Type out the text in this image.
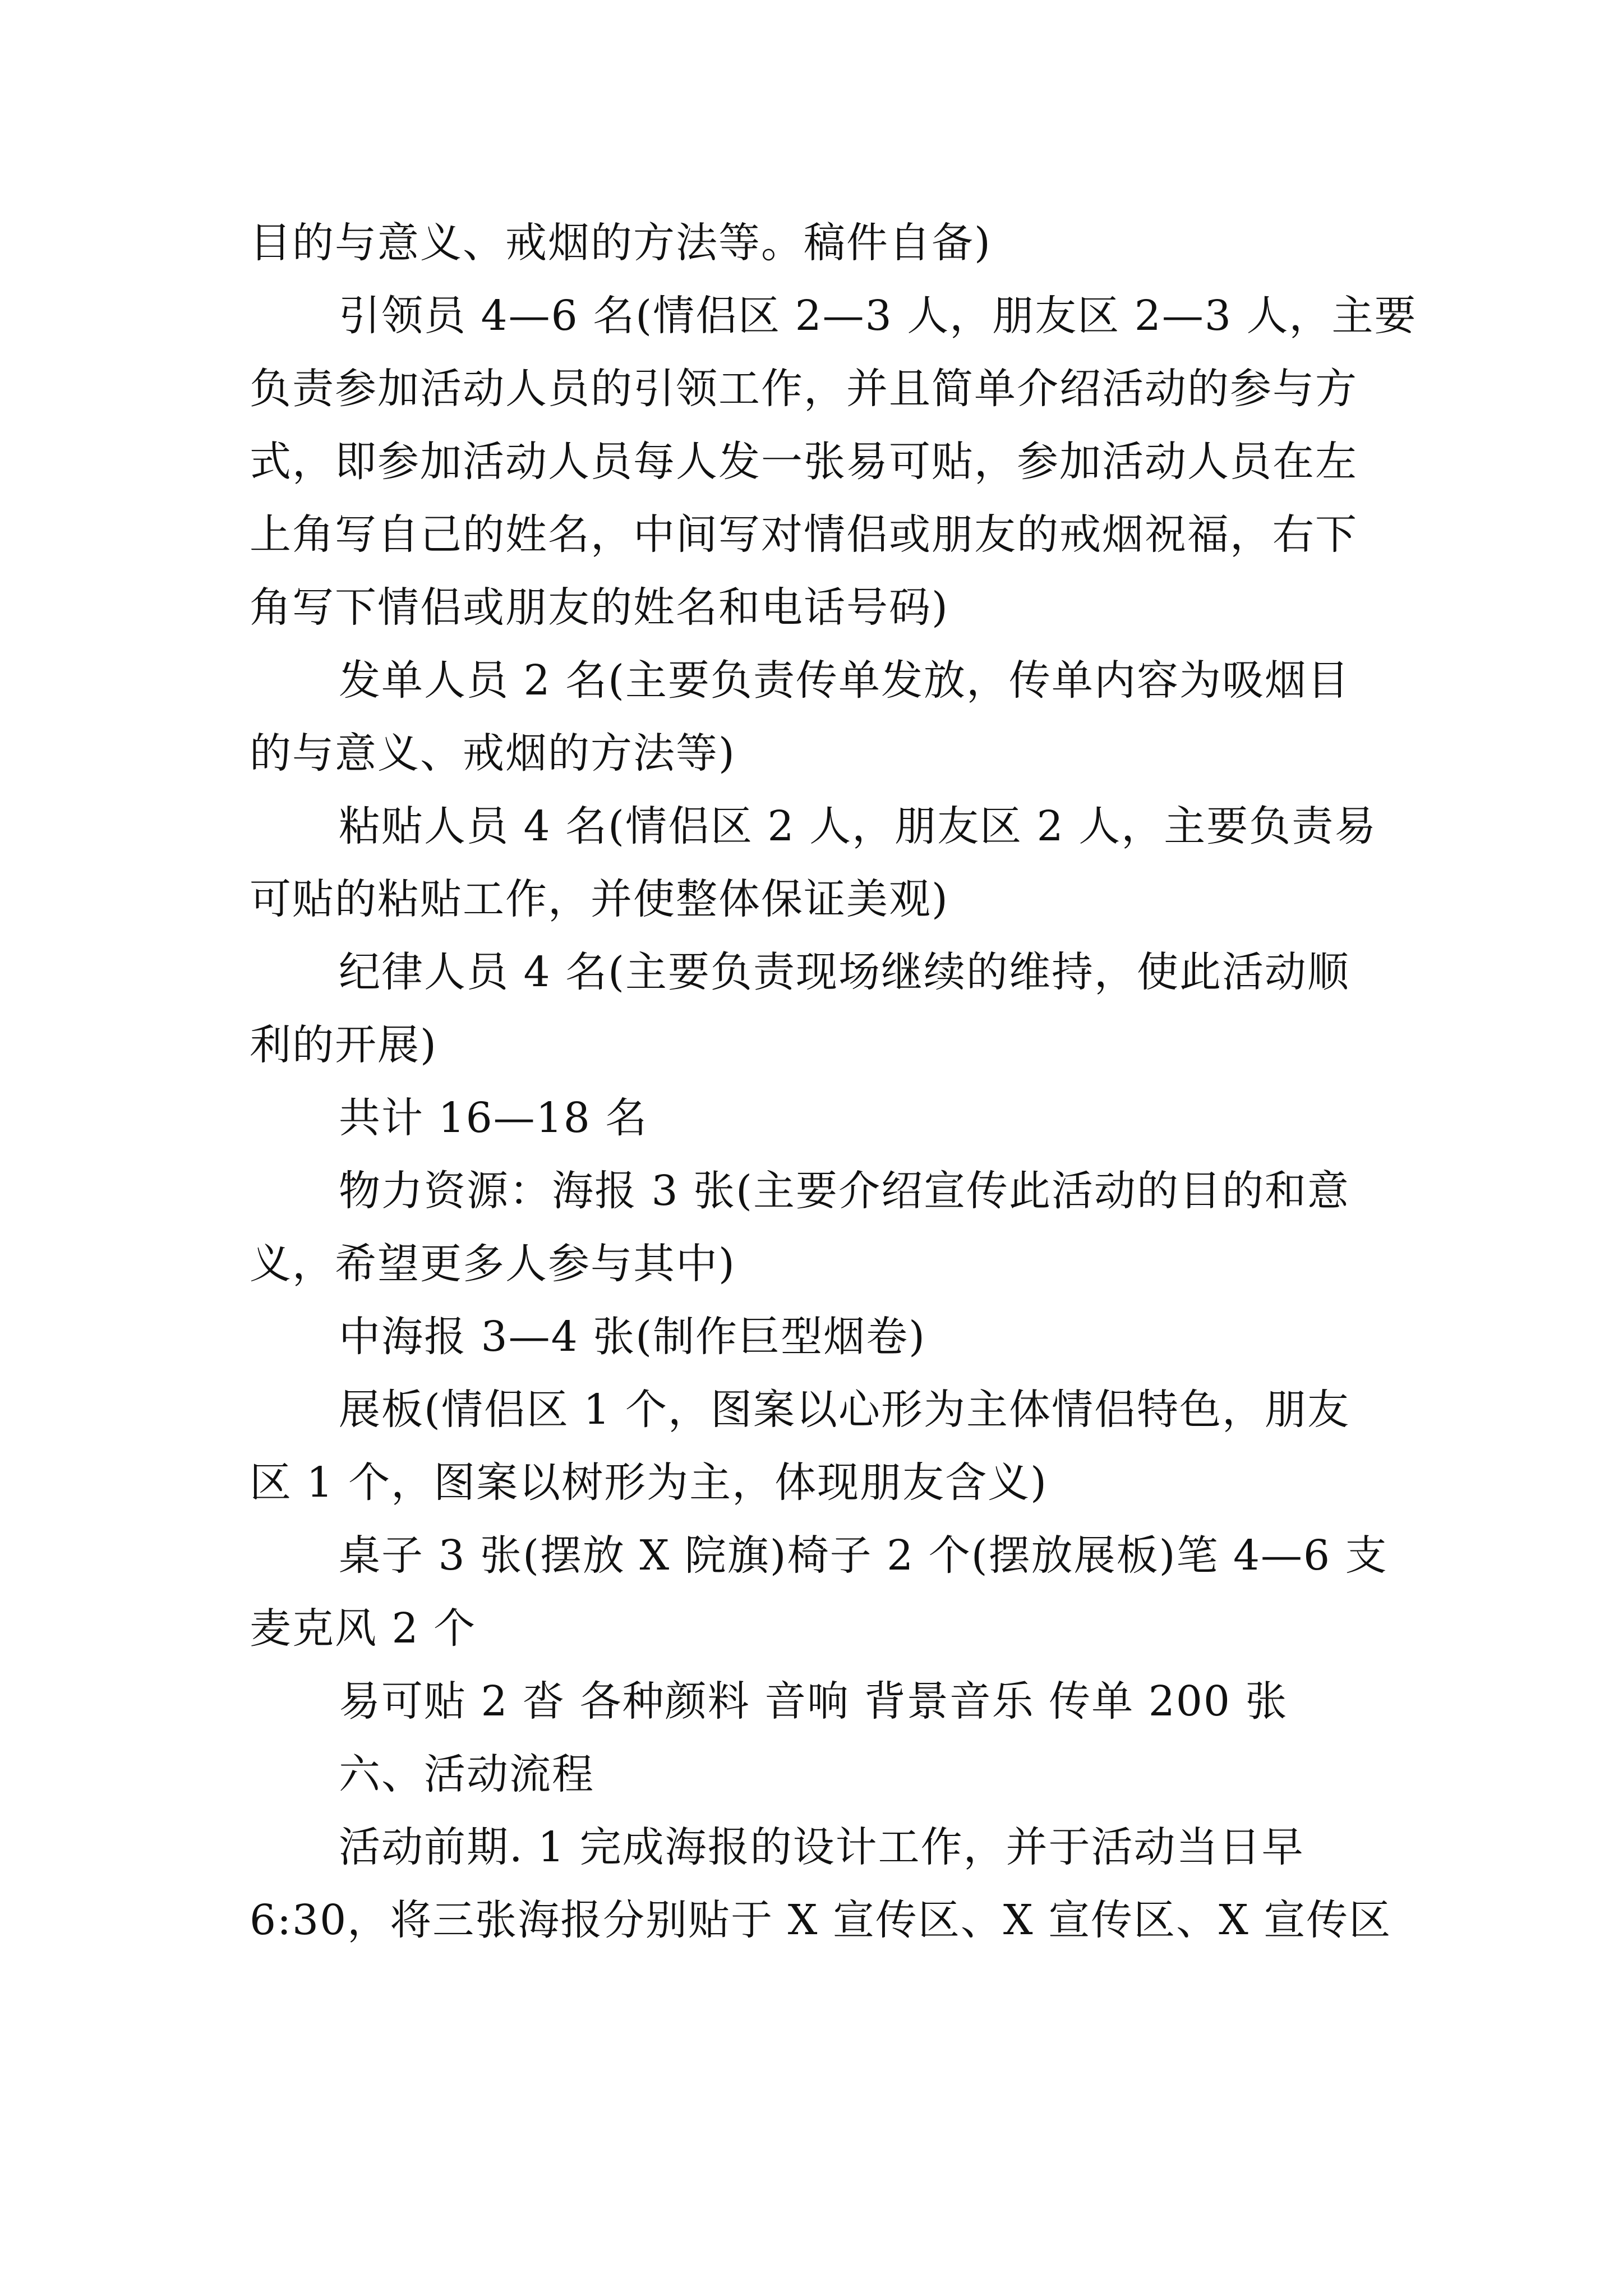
目的与意义、戒烟的方法等。稿件自备)
引领员 4—6 名(情侣区 2—3 人，朋友区 2—3 人，主要
负责参加活动人员的引领工作，并且简单介绍活动的参与方
式，即参加活动人员每人发一张易可贴，参加活动人员在左
上角写自己的姓名，中间写对情侣或朋友的戒烟祝福，右下
角写下情侣或朋友的姓名和电话号码)
发单人员 2 名(主要负责传单发放，传单内容为吸烟目
的与意义、戒烟的方法等)
粘贴人员 4 名(情侣区 2 人，朋友区 2 人，主要负责易
可贴的粘贴工作，并使整体保证美观)
纪律人员 4 名(主要负责现场继续的维持，使此活动顺
利的开展)
共计 16—18 名
物力资源：海报 3 张(主要介绍宣传此活动的目的和意
义，希望更多人参与其中)
中海报 3—4 张(制作巨型烟卷)
展板(情侣区 1 个，图案以心形为主体情侣特色，朋友
区 1 个，图案以树形为主，体现朋友含义)
桌子 3 张(摆放 X 院旗)椅子 2 个(摆放展板)笔 4—6 支
麦克风 2 个
易可贴 2 沓 各种颜料 音响 背景音乐 传单 200 张
六、活动流程
活动前期. 1 完成海报的设计工作，并于活动当日早
6:30，将三张海报分别贴于 X 宣传区、X 宣传区、X 宣传区
